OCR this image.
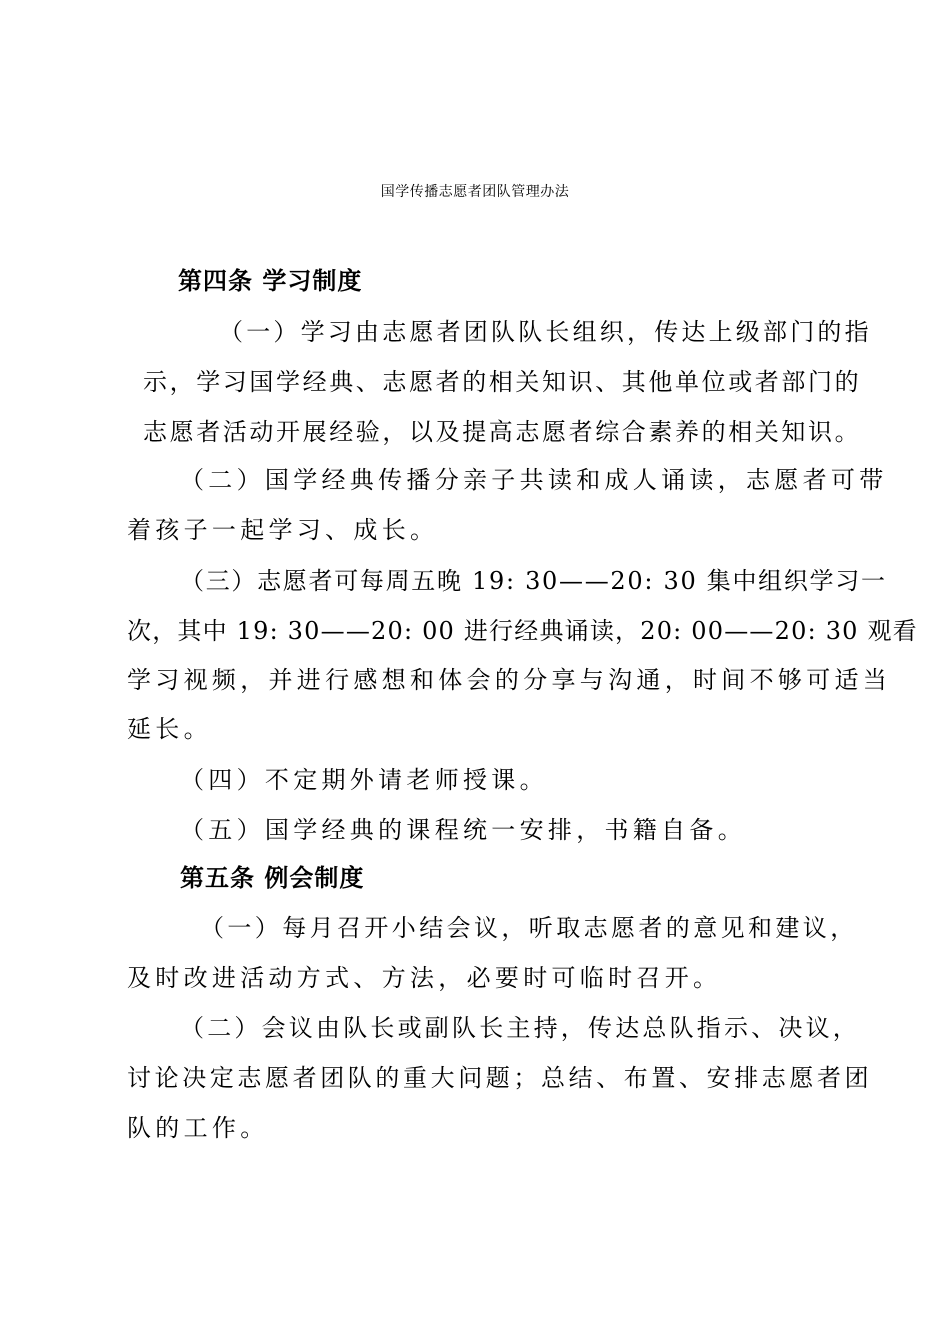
国学传播志愿者团队管理办法
第四条 学习制度
（一）学习由志愿者团队队长组织，传达上级部门的指
示，学习国学经典、志愿者的相关知识、其他单位或者部门的
志愿者活动开展经验，以及提高志愿者综合素养的相关知识。
（二）国学经典传播分亲子共读和成人诵读，志愿者可带
着孩子一起学习、成长。
（三）志愿者可每周五晚 19: 30——20: 30 集中组织学习一
次，其中 19: 30——20: 00 进行经典诵读，20: 00——20: 30 观看
学习视频，并进行感想和体会的分享与沟通，时间不够可适当
延长。
（四）不定期外请老师授课。
（五）国学经典的课程统一安排，书籍自备。
第五条 例会制度
（一）每月召开小结会议，听取志愿者的意见和建议，
及时改进活动方式、方法，必要时可临时召开。
（二）会议由队长或副队长主持，传达总队指示、决议，
讨论决定志愿者团队的重大问题；总结、布置、安排志愿者团
队的工作。
